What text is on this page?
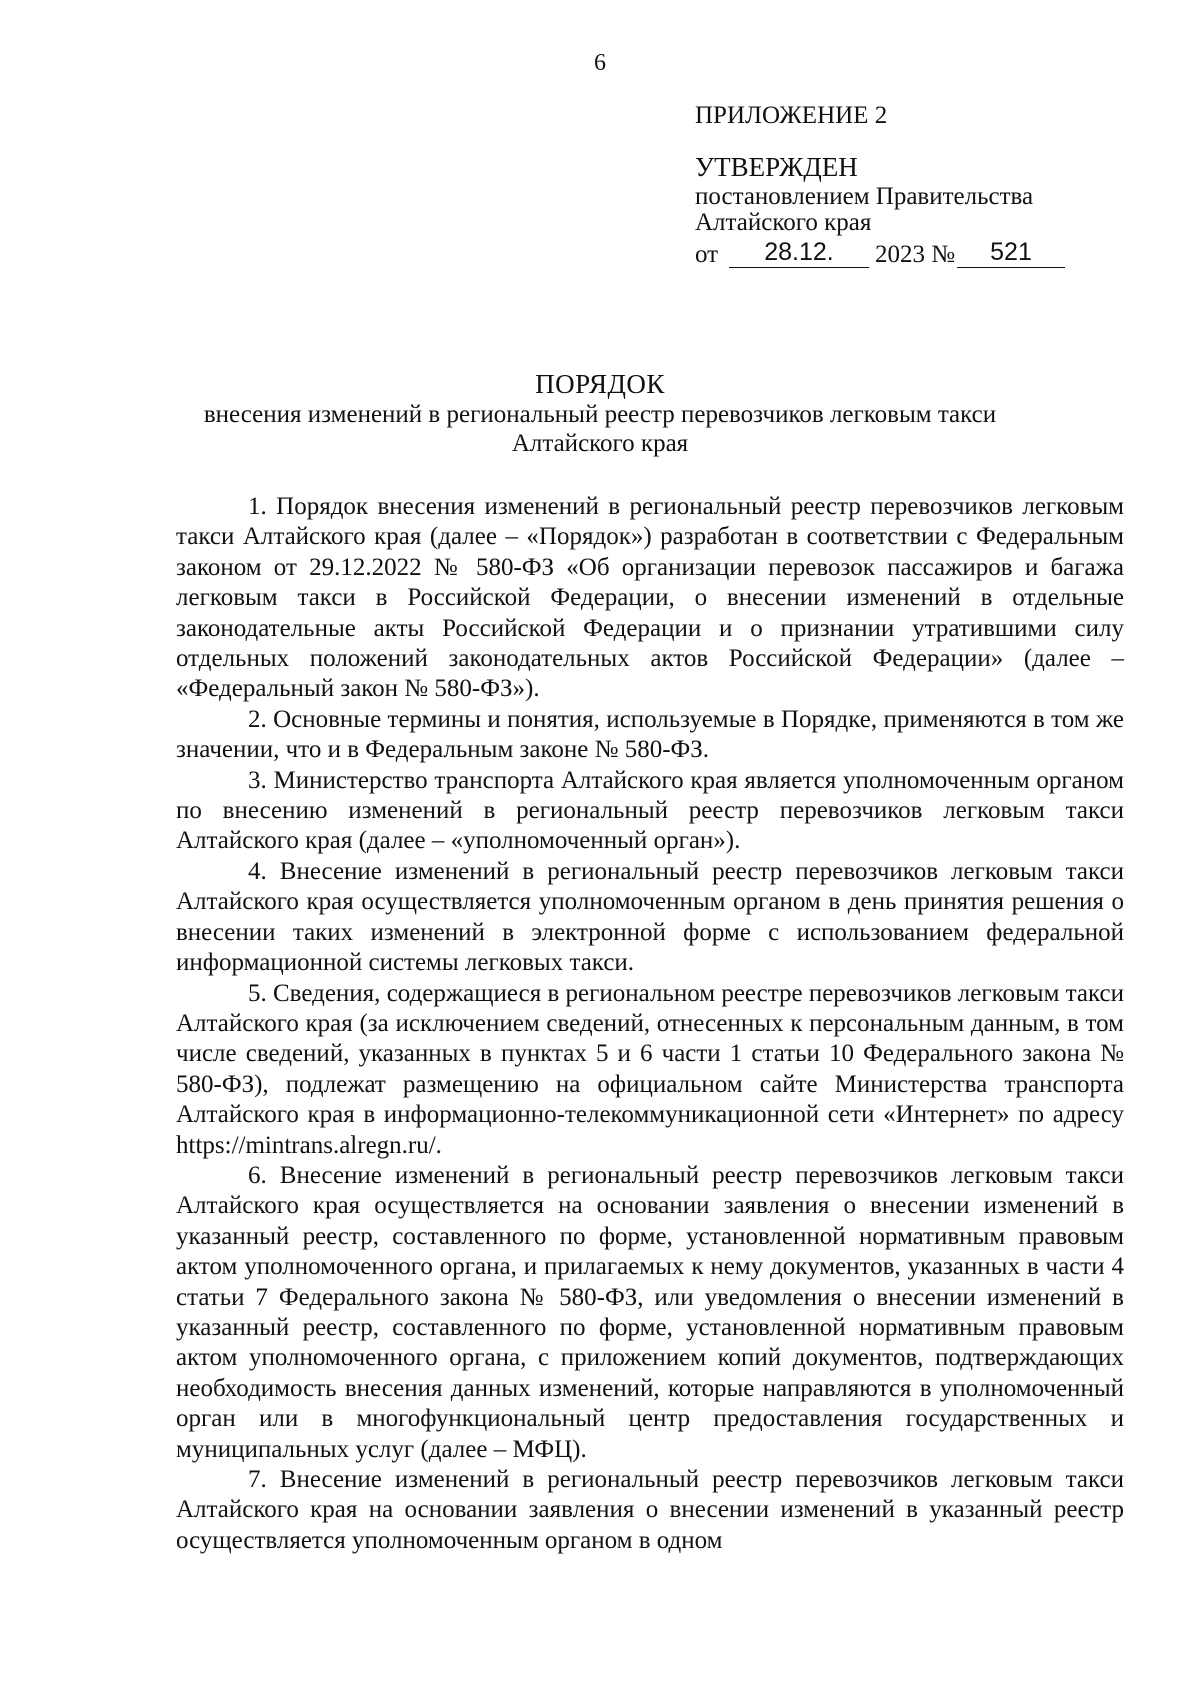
6
ПРИЛОЖЕНИЕ 2
УТВЕРЖДЕН
постановлением Правительства
Алтайского края
от	28.12.	2023 №	521
ПОРЯДОК
внесения изменений в региональный реестр перевозчиков легковым такси
Алтайского края

1. Порядок внесения изменений в региональный реестр перевозчиков легковым такси Алтайского края (далее – «Порядок») разработан в соответствии с Федеральным законом от 29.12.2022 № 580-ФЗ «Об организации перевозок пассажиров и багажа легковым такси в Российской Федерации, о внесении изменений в отдельные законодательные акты Российской Федерации и о признании утратившими силу отдельных положений законодательных актов Российской Федерации» (далее – «Федеральный закон № 580-ФЗ»).

2. Основные термины и понятия, используемые в Порядке, применяются в том же значении, что и в Федеральным законе № 580-ФЗ.

3. Министерство транспорта Алтайского края является уполномоченным органом по внесению изменений в региональный реестр перевозчиков легковым такси Алтайского края (далее – «уполномоченный орган»).

4. Внесение изменений в региональный реестр перевозчиков легковым такси Алтайского края осуществляется уполномоченным органом в день принятия решения о внесении таких изменений в электронной форме с использованием федеральной информационной системы легковых такси.

5. Сведения, содержащиеся в региональном реестре перевозчиков легковым такси Алтайского края (за исключением сведений, отнесенных к персональным данным, в том числе сведений, указанных в пунктах 5 и 6 части 1 статьи 10 Федерального закона № 580-ФЗ), подлежат размещению на официальном сайте Министерства транспорта Алтайского края в информационно-телекоммуникационной сети «Интернет» по адресу https://mintrans.alregn.ru/.

6. Внесение изменений в региональный реестр перевозчиков легковым такси Алтайского края осуществляется на основании заявления о внесении изменений в указанный реестр, составленного по форме, установленной нормативным правовым актом уполномоченного органа, и прилагаемых к нему документов, указанных в части 4 статьи 7 Федерального закона № 580-ФЗ, или уведомления о внесении изменений в указанный реестр, составленного по форме, установленной нормативным правовым актом уполномоченного органа, с приложением копий документов, подтверждающих необходимость внесения данных изменений, которые направляются в уполномоченный орган или в многофункциональный центр предоставления государственных и муниципальных услуг (далее – МФЦ).

7. Внесение изменений в региональный реестр перевозчиков легковым такси Алтайского края на основании заявления о внесении изменений в указанный реестр осуществляется уполномоченным органом в одном
